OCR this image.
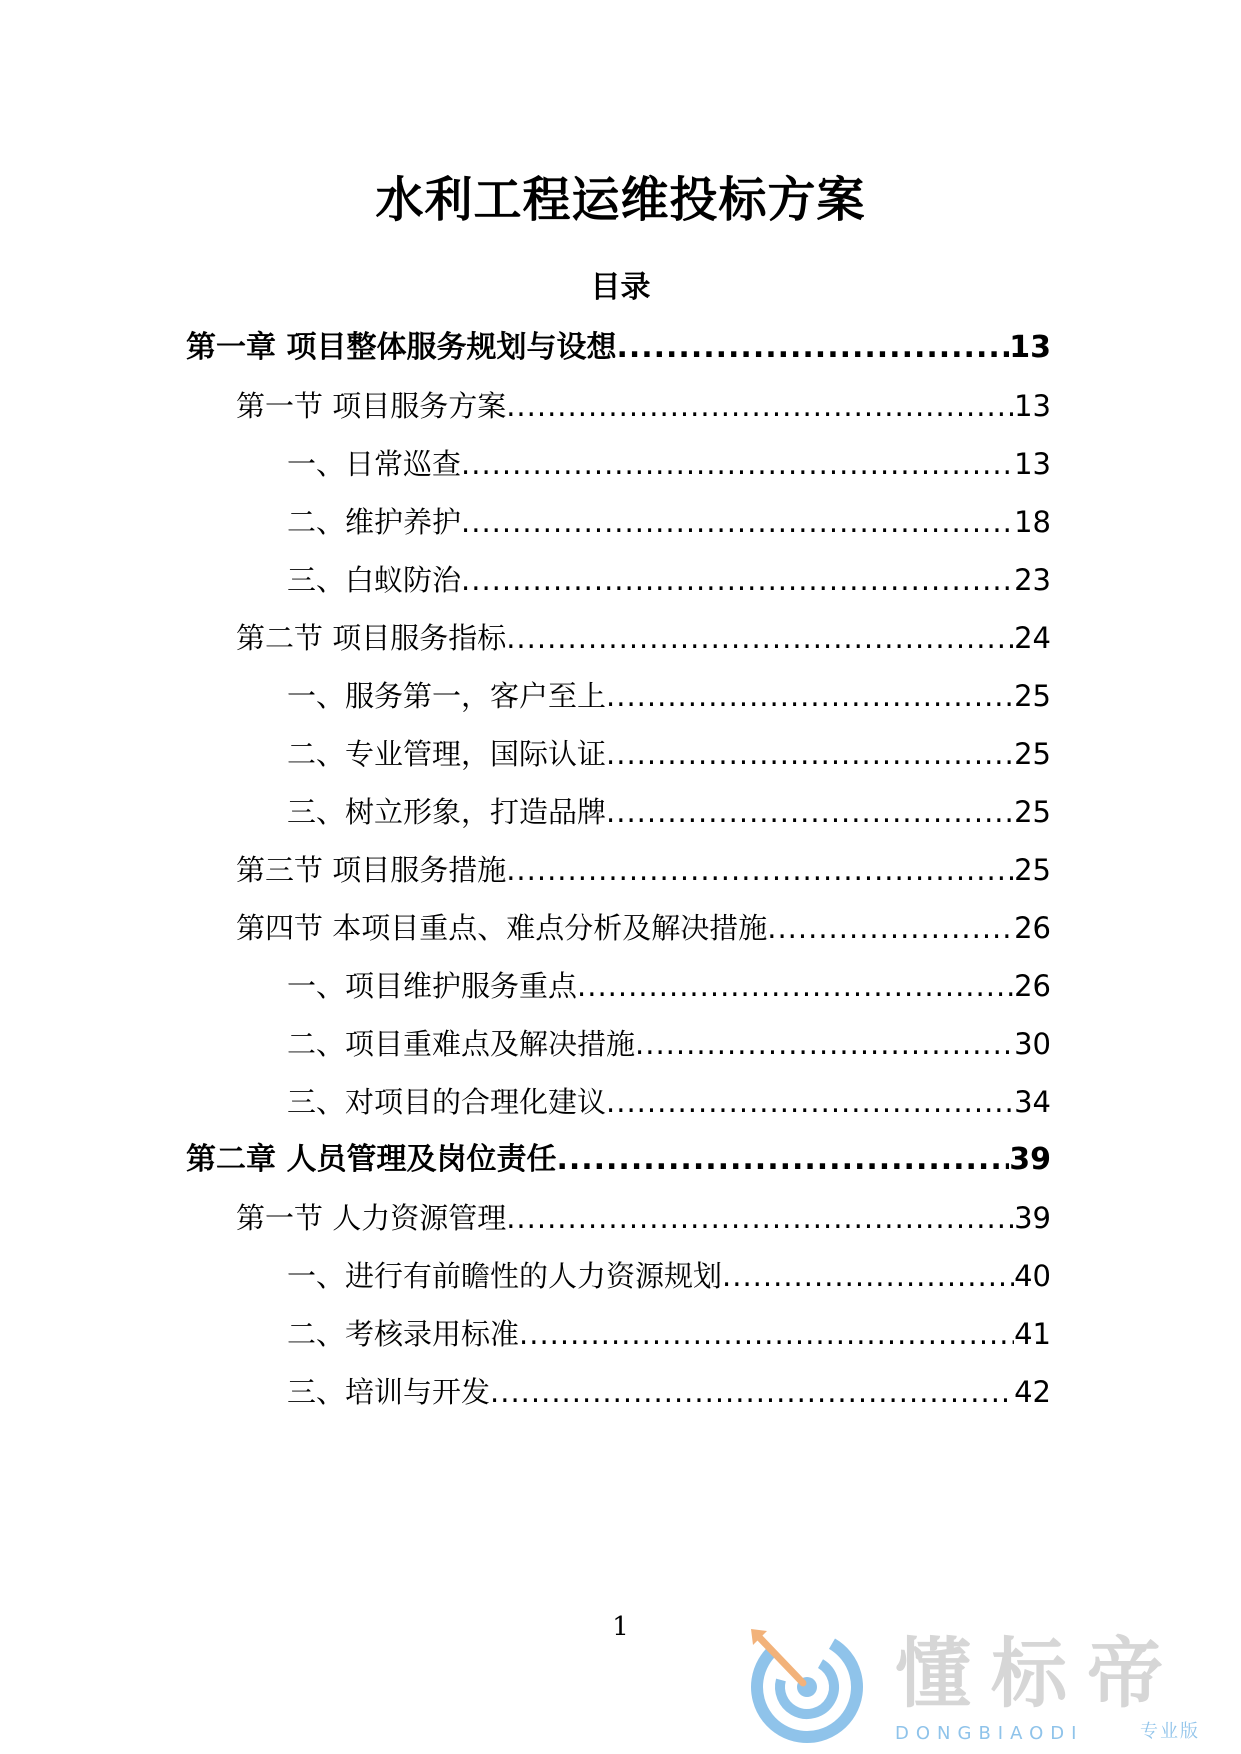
水利工程运维投标方案
目录
第一章 项目整体服务规划与设想 .....	13
第一节 项目服务方案 .....	13
一、日常巡查 .....	13
二、维护养护 .....	18
三、白蚁防治 .....	23
第二节 项目服务指标 .....	24
一、服务第一，客户至上 .....	25
二、专业管理，国际认证 .....	25
三、树立形象，打造品牌 .....	25
第三节 项目服务措施 .....	25
第四节 本项目重点、难点分析及解决措施 .....	26
一、项目维护服务重点 .....	26
二、项目重难点及解决措施 .....	30
三、对项目的合理化建议 .....	34
第二章 人员管理及岗位责任 .....	39
第一节 人力资源管理 .....	39
一、进行有前瞻性的人力资源规划 .....	40
二、考核录用标准 .....	41
三、培训与开发 .....	42
1
懂标帝
DONGBIAODI	专业版
